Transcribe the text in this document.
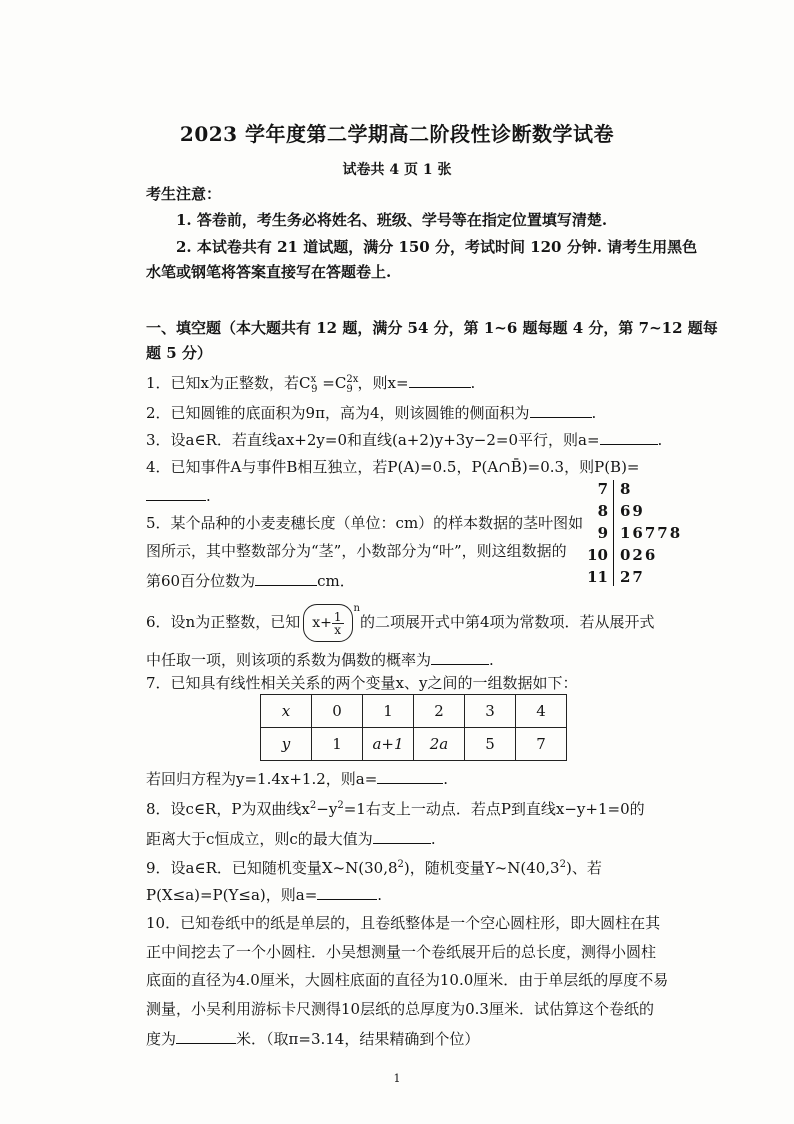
2023 学年度第二学期高二阶段性诊断数学试卷
试卷共 4 页 1 张
考生注意：
1. 答卷前，考生务必将姓名、班级、学号等在指定位置填写清楚.
2. 本试卷共有 21 道试题，满分 150 分，考试时间 120 分钟. 请考生用黑色
水笔或钢笔将答案直接写在答题卷上.
一、填空题（本大题共有 12 题，满分 54 分，第 1~6 题每题 4 分，第 7~12 题每
题 5 分）
1．已知x为正整数，若$C^x_9 =C^{2x}_9$ ，则x=	.
2．已知圆锥的底面积为9π，高为4，则该圆锥的侧面积为	.
3．设a∈R．若直线ax+2y=0和直线(a+2)y+3y−2=0平行，则a=	.
4．已知事件A与事件B相互独立，若P(A)=0.5，P(A∩B̄)=0.3，则P(B)=
.	7 8
8 69
9 16778
10 026
11 27
5．某个品种的小麦麦穗长度（单位：cm）的样本数据的茎叶图如
图所示，其中整数部分为“茎”，小数部分为“叶”，则这组数据的
第60百分位数为	cm．
6．设n为正整数，已知 $x+ \frac{1}{x}$
$^n$的二项展开式中第4项为常数项．若从展开式
中任取一项，则该项的系数为偶数的概率为	.
7．已知具有线性相关关系的两个变量x、y之间的一组数据如下：
x	0	1	2	3	4
y	1	a+1	2a	5	7
若回归方程为y=1.4x+1.2，则a=	.
8．设c∈R，P为双曲线$x^2-y^2=1$右支上一动点．若点P到直线x−y+1=0的
距离大于c恒成立，则c的最大值为	.
9．设a∈R．已知随机变量X~N(30,8$^2$)，随机变量Y~N(40,3$^2$)、若
P(X≤a)=P(Y≤a)，则a=	.
10．已知卷纸中的纸是单层的，且卷纸整体是一个空心圆柱形，即大圆柱在其
正中间挖去了一个小圆柱．小吴想测量一个卷纸展开后的总长度，测得小圆柱
底面的直径为4.0厘米，大圆柱底面的直径为10.0厘米．由于单层纸的厚度不易
测量，小吴利用游标卡尺测得10层纸的总厚度为0.3厘米．试估算这个卷纸的
度为	米．（取π=3.14，结果精确到个位）
1
